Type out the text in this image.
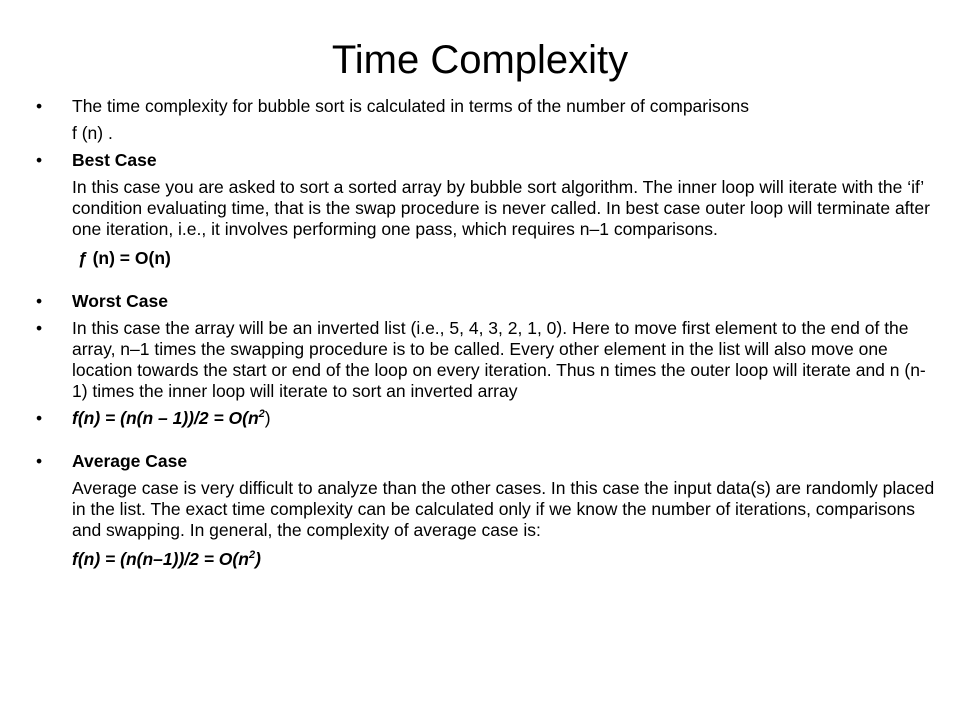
Time Complexity
•	The time complexity for bubble sort is calculated in terms of the number of comparisons
f (n) .
•	Best Case
In this case you are asked to sort a sorted array by bubble sort algorithm. The inner loop will iterate with the ‘if’ condition evaluating time, that is the swap procedure is never called. In best case outer loop will terminate after one iteration, i.e., it involves performing one pass, which requires n–1 comparisons.
ƒ (n) = O(n)
•	Worst Case
•	In this case the array will be an inverted list (i.e., 5, 4, 3, 2, 1, 0). Here to move first element to the end of the array, n–1 times the swapping procedure is to be called. Every other element in the list will also move one location towards the start or end of the loop on every iteration. Thus n times the outer loop will iterate and n (n-1) times the inner loop will iterate to sort an inverted array
•	$f(n) = (n(n - 1))/2 = O(n^2)$
•	Average Case
Average case is very difficult to analyze than the other cases. In this case the input data(s) are randomly placed in the list. The exact time complexity can be calculated only if we know the number of iterations, comparisons and swapping. In general, the complexity of average case is:
$f(n) = (n(n-1))/2 = O(n^2)$
